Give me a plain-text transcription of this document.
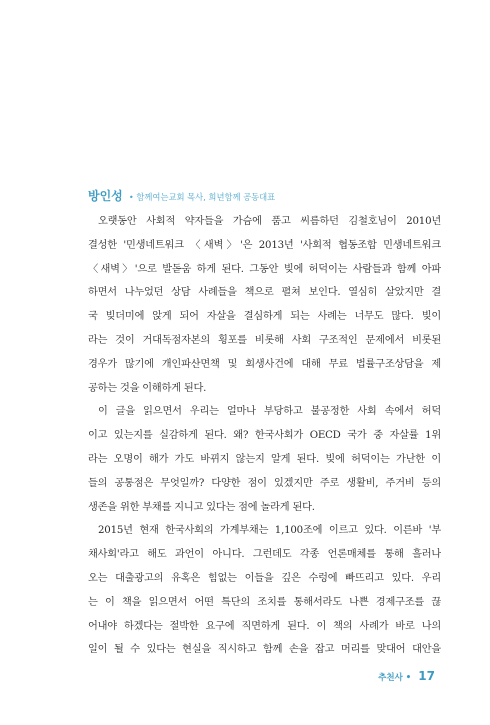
방인성 • 함께여는교회 목사, 희년함께 공동대표
오랫동안 사회적 약자들을 가슴에 품고 씨름하던 김철호님이 2010년
결성한 '민생네트워크 〈새벽〉'은 2013년 '사회적 협동조합 민생네트워크
〈새벽〉'으로 발돋움 하게 된다. 그동안 빚에 허덕이는 사람들과 함께 아파
하면서 나누었던 상담 사례들을 책으로 펼쳐 보인다. 열심히 살았지만 결
국 빚더미에 앉게 되어 자살을 결심하게 되는 사례는 너무도 많다. 빚이
라는 것이 거대독점자본의 횡포를 비롯해 사회 구조적인 문제에서 비롯된
경우가 많기에 개인파산면책 및 회생사건에 대해 무료 법률구조상담을 제
공하는 것을 이해하게 된다.
이 글을 읽으면서 우리는 얼마나 부당하고 불공정한 사회 속에서 허덕
이고 있는지를 실감하게 된다. 왜? 한국사회가 OECD 국가 중 자살률 1위
라는 오명이 해가 가도 바뀌지 않는지 알게 된다. 빚에 허덕이는 가난한 이
들의 공통점은 무엇일까? 다양한 점이 있겠지만 주로 생활비, 주거비 등의
생존을 위한 부채를 지니고 있다는 점에 놀라게 된다.
2015년 현재 한국사회의 가계부채는 1,100조에 이르고 있다. 이른바 '부
채사회'라고 해도 과언이 아니다. 그런데도 각종 언론매체를 통해 흘러나
오는 대출광고의 유혹은 힘없는 이들을 깊은 수렁에 빠뜨리고 있다. 우리
는 이 책을 읽으면서 어떤 특단의 조치를 통해서라도 나쁜 경제구조를 끊
어내야 하겠다는 절박한 요구에 직면하게 된다. 이 책의 사례가 바로 나의
일이 될 수 있다는 현실을 직시하고 함께 손을 잡고 머리를 맞대어 대안을
추천사 • 17
